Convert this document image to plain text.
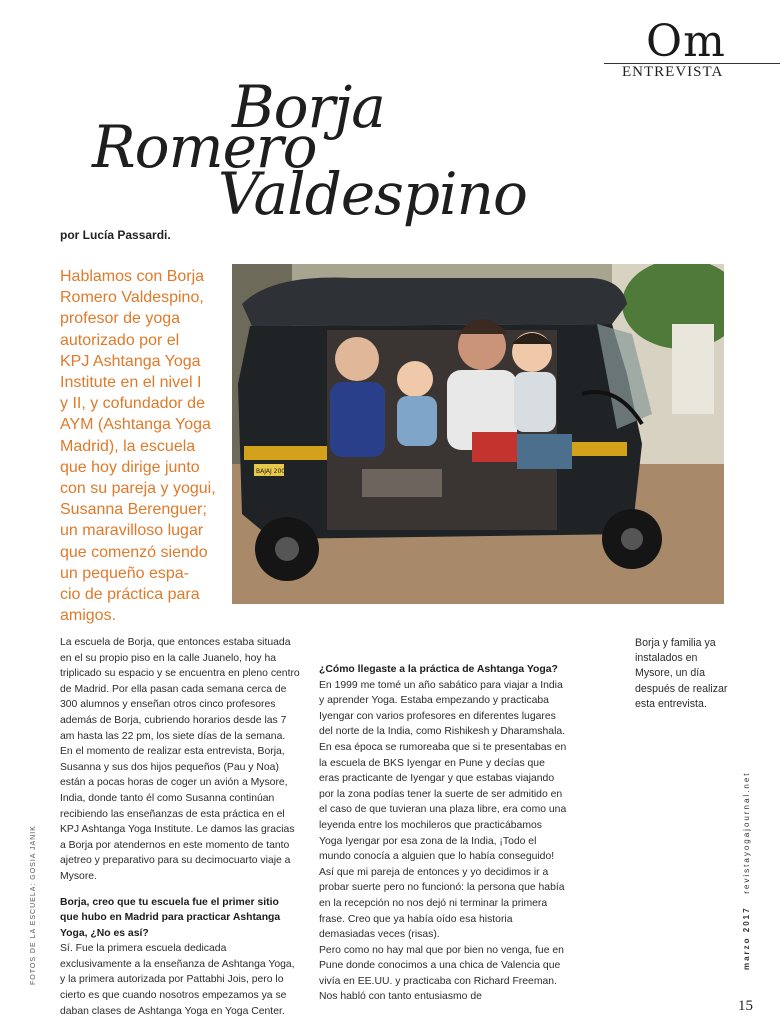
Om
ENTREVISTA
Borja
Romero
Valdespino
por Lucía Passardi.

Hablamos con Borja
Romero Valdespino,
profesor de yoga
autorizado por el
KPJ Ashtanga Yoga
Institute en el nivel I
y II, y cofundador de
AYM (Ashtanga Yoga
Madrid), la escuela
que hoy dirige junto
con su pareja y yogui,
Susanna Berenguer;
un maravilloso lugar
que comenzó siendo
un pequeño espa-
cio de práctica para
amigos.

BAJAJ 2005

La escuela de Borja, que entonces estaba situada en el su propio piso en la calle Juanelo, hoy ha triplicado su espacio y se encuentra en pleno centro de Madrid. Por ella pasan cada semana cerca de 300 alumnos y enseñan otros cinco profesores además de Borja, cubriendo horarios desde las 7 am hasta las 22 pm, los siete días de la semana.

En el momento de realizar esta entrevista, Borja, Susanna y sus dos hijos pequeños (Pau y Noa) están a pocas horas de coger un avión a Mysore, India, donde tanto él como Susanna continúan recibiendo las enseñanzas de esta práctica en el KPJ Ashtanga Yoga Institute. Le damos las gracias a Borja por atendernos en este momento de tanto ajetreo y preparativo para su decimocuarto viaje a Mysore.

Borja, creo que tu escuela fue el primer sitio que hubo en Madrid para practicar Ashtanga Yoga, ¿No es así?

Sí. Fue la primera escuela dedicada exclusivamente a la enseñanza de Ashtanga Yoga, y la primera autorizada por Pattabhi Jois, pero lo cierto es que cuando nosotros empezamos ya se daban clases de Ashtanga Yoga en Yoga Center.

¿Cómo llegaste a la práctica de Ashtanga Yoga?

En 1999 me tomé un año sabático para viajar a India y aprender Yoga. Estaba empezando y practicaba Iyengar con varios profesores en diferentes lugares del norte de la India, como Rishikesh y Dharamshala. En esa época se rumoreaba que si te presentabas en la escuela de BKS Iyengar en Pune y decías que eras practicante de Iyengar y que estabas viajando por la zona podías tener la suerte de ser admitido en el caso de que tuvieran una plaza libre, era como una leyenda entre los mochileros que practicábamos Yoga Iyengar por esa zona de la India, ¡Todo el mundo conocía a alguien que lo había conseguido! Así que mi pareja de entonces y yo decidimos ir a probar suerte pero no funcionó: la persona que había en la recepción no nos dejó ni terminar la primera frase. Creo que ya había oído esa historia demasiadas veces (risas).

Pero como no hay mal que por bien no venga, fue en Pune donde conocimos a una chica de Valencia que vivía en EE.UU. y practicaba con Richard Freeman. Nos habló con tanto entusiasmo de

Borja y familia ya instalados en Mysore, un día después de realizar esta entrevista.

FOTOS DE LA ESCUELA: GOSIA JANIK	marzo 2017   revistayogajournal.net
15
